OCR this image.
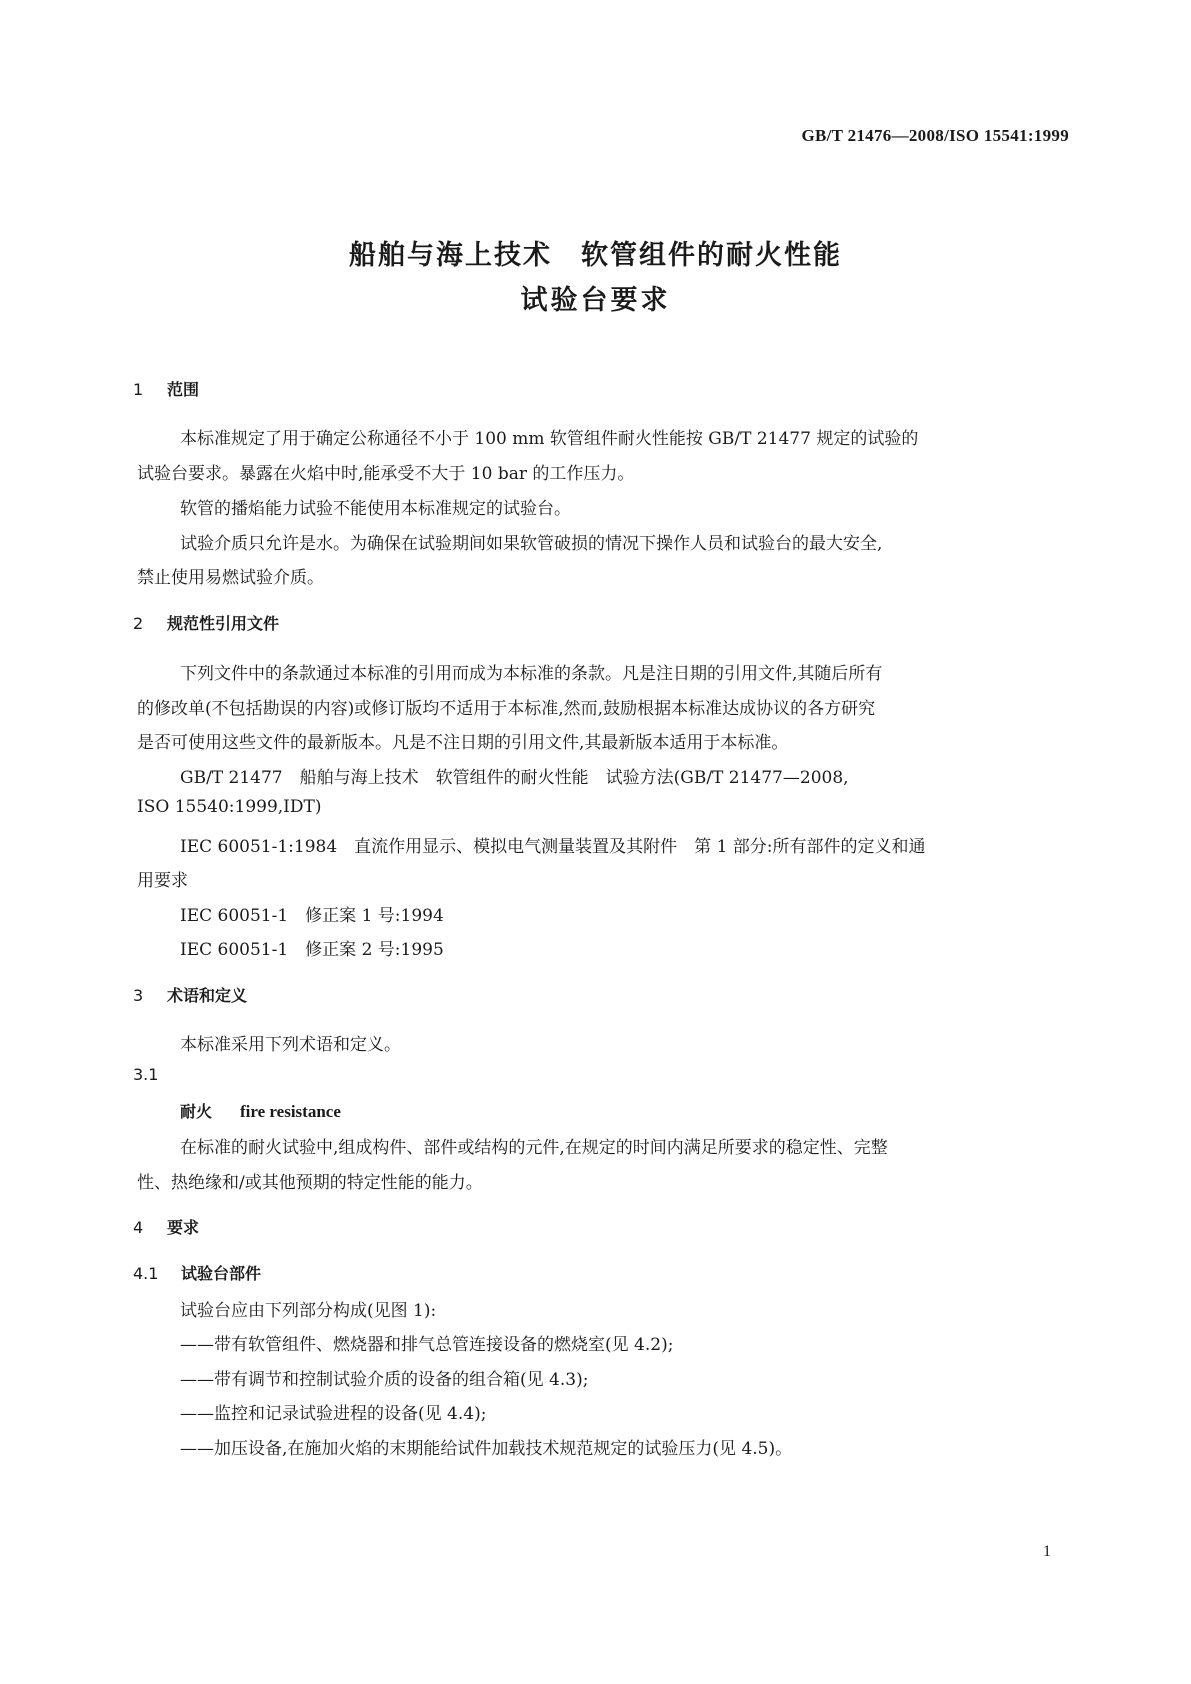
GB/T 21476—2008/ISO 15541:1999
船舶与海上技术　软管组件的耐火性能
试验台要求
1 范围
本标准规定了用于确定公称通径不小于 100 mm 软管组件耐火性能按 GB/T 21477 规定的试验的
试验台要求。暴露在火焰中时,能承受不大于 10 bar 的工作压力。
软管的播焰能力试验不能使用本标准规定的试验台。
试验介质只允许是水。为确保在试验期间如果软管破损的情况下操作人员和试验台的最大安全,
禁止使用易燃试验介质。
2 规范性引用文件
下列文件中的条款通过本标准的引用而成为本标准的条款。凡是注日期的引用文件,其随后所有
的修改单(不包括勘误的内容)或修订版均不适用于本标准,然而,鼓励根据本标准达成协议的各方研究
是否可使用这些文件的最新版本。凡是不注日期的引用文件,其最新版本适用于本标准。
GB/T 21477　船舶与海上技术　软管组件的耐火性能　试验方法(GB/T 21477—2008,
ISO 15540:1999,IDT)
IEC 60051-1:1984　直流作用显示、模拟电气测量装置及其附件　第 1 部分:所有部件的定义和通
用要求
IEC 60051-1　修正案 1 号:1994
IEC 60051-1　修正案 2 号:1995
3 术语和定义
本标准采用下列术语和定义。
3.1
耐火 fire resistance
在标准的耐火试验中,组成构件、部件或结构的元件,在规定的时间内满足所要求的稳定性、完整
性、热绝缘和/或其他预期的特定性能的能力。
4 要求
4.1 试验台部件
试验台应由下列部分构成(见图 1):
——带有软管组件、燃烧器和排气总管连接设备的燃烧室(见 4.2);
——带有调节和控制试验介质的设备的组合箱(见 4.3);
——监控和记录试验进程的设备(见 4.4);
——加压设备,在施加火焰的末期能给试件加载技术规范规定的试验压力(见 4.5)。
1
